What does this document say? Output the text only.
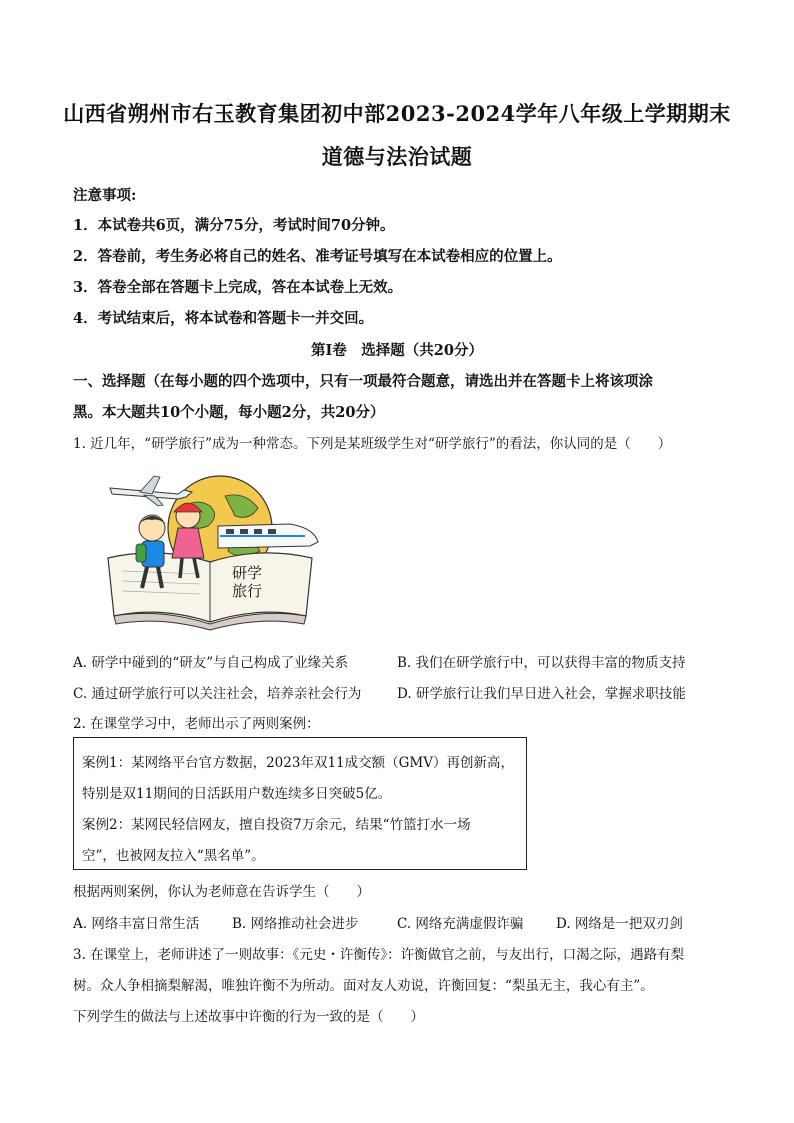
山西省朔州市右玉教育集团初中部2023-2024学年八年级上学期期末
道德与法治试题
注意事项:
1．本试卷共6页，满分75分，考试时间70分钟。
2．答卷前，考生务必将自己的姓名、准考证号填写在本试卷相应的位置上。
3．答卷全部在答题卡上完成，答在本试卷上无效。
4．考试结束后，将本试卷和答题卡一并交回。
第Ⅰ卷　选择题（共20分）
一、选择题（在每小题的四个选项中，只有一项最符合题意，请选出并在答题卡上将该项涂
黑。本大题共10个小题，每小题2分，共20分）
1. 近几年，“研学旅行”成为一种常态。下列是某班级学生对“研学旅行”的看法，你认同的是（　　）
研学
旅行
A. 研学中碰到的“研友”与自己构成了业缘关系	B. 我们在研学旅行中，可以获得丰富的物质支持
C. 通过研学旅行可以关注社会，培养亲社会行为	D. 研学旅行让我们早日进入社会，掌握求职技能
2. 在课堂学习中，老师出示了两则案例：
案例1：某网络平台官方数据，2023年双11成交额（GMV）再创新高，
特别是双11期间的日活跃用户数连续多日突破5亿。
案例2：某网民轻信网友，擅自投资7万余元，结果“竹篮打水一场
空”，也被网友拉入“黑名单”。
根据两则案例，你认为老师意在告诉学生（　　）
A. 网络丰富日常生活 B. 网络推动社会进步	C. 网络充满虚假诈骗 D. 网络是一把双刃剑
3. 在课堂上，老师讲述了一则故事：《元史・许衡传》：许衡做官之前，与友出行，口渴之际，遇路有梨
树。众人争相摘梨解渴，唯独许衡不为所动。面对友人劝说，许衡回复：“梨虽无主，我心有主”。
下列学生的做法与上述故事中许衡的行为一致的是（　　）
